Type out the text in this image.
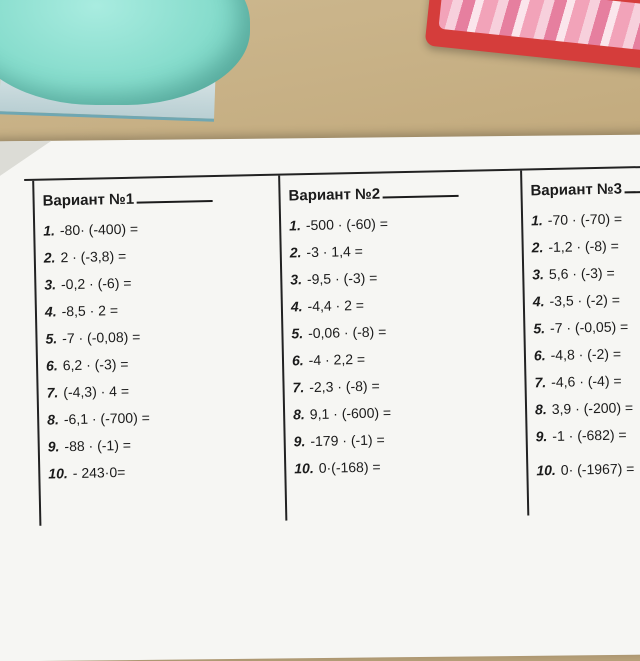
Вариант №1
1. -80· (-400) =
2. 2 · (-3,8) =
3. -0,2 · (-6) =
4. -8,5 · 2 =
5. -7 · (-0,08) =
6. 6,2 · (-3) =
7. (-4,3) · 4 =
8. -6,1 · (-700) =
9. -88 · (-1) =
10. - 243·0=
Вариант №2
1. -500 · (-60) =
2. -3 · 1,4 =
3. -9,5 · (-3) =
4. -4,4 · 2 =
5. -0,06 · (-8) =
6. -4 · 2,2 =
7. -2,3 · (-8) =
8. 9,1 · (-600) =
9. -179 · (-1) =
10. 0·(-168) =
Вариант №3
1. -70 · (-70) =
2. -1,2 · (-8) =
3. 5,6 · (-3) =
4. -3,5 · (-2) =
5. -7 · (-0,05) =
6. -4,8 · (-2) =
7. -4,6 · (-4) =
8. 3,9 · (-200) =
9. -1 · (-682) =
10. 0· (-1967) =
